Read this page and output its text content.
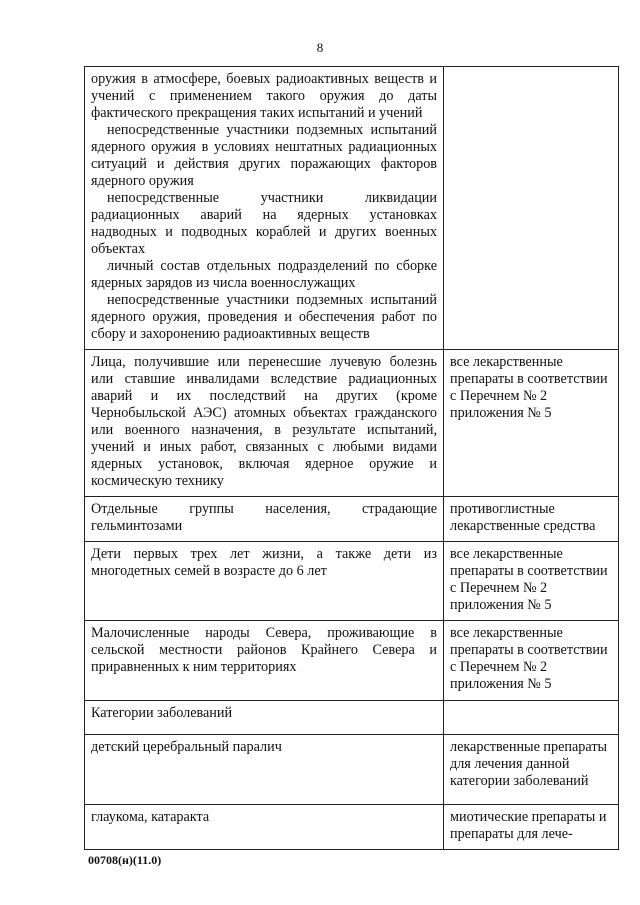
8
оружия в атмосфере, боевых радиоактивных веществ и учений с применением такого оружия до даты фактического прекращения таких испытаний и учений
непосредственные участники подземных испытаний ядерного оружия в условиях нештатных радиационных ситуаций и действия других поражающих факторов ядерного оружия
непосредственные участники ликвидации радиационных аварий на ядерных установках надводных и подводных кораблей и других военных объектах
личный состав отдельных подразделений по сборке ядерных зарядов из числа военнослужащих
непосредственные участники подземных испытаний ядерного оружия, проведения и обеспечения работ по сбору и захоронению радиоактивных веществ	

Лица, получившие или перенесшие лучевую болезнь или ставшие инвалидами вследствие радиационных аварий и их последствий на других (кроме Чернобыльской АЭС) атомных объектах гражданского или военного назначения, в результате испытаний, учений и иных работ, связанных с любыми видами ядерных установок, включая ядерное оружие и космическую технику	все лекарственные препараты в соответствии с Перечнем № 2 приложения № 5

Отдельные группы населения, страдающие гельминтозами	противоглистные лекарственные средства

Дети первых трех лет жизни, а также дети из многодетных семей в возрасте до 6 лет	все лекарственные препараты в соответствии с Перечнем № 2 приложения № 5

Малочисленные народы Севера, проживающие в сельской местности районов Крайнего Севера и приравненных к ним территориях	все лекарственные препараты в соответствии с Перечнем № 2 приложения № 5
Категории заболеваний	
детский церебральный паралич	лекарственные препараты для лечения данной категории заболеваний
глаукома, катаракта	миотические препараты и препараты для лече-
00708(н)(11.0)
